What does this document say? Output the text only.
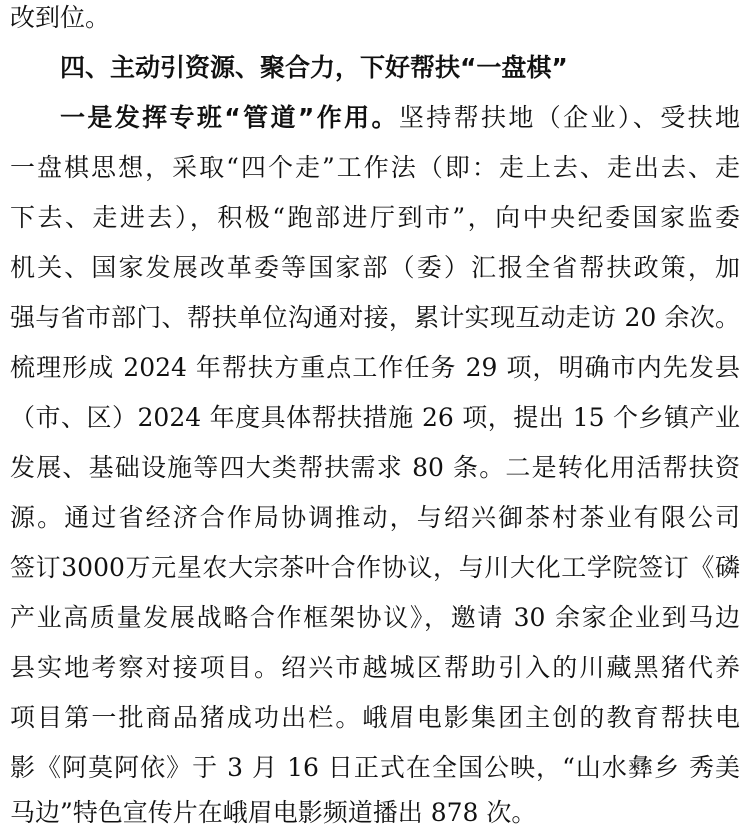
改到位。
四、主动引资源、聚合力，下好帮扶“一盘棋”
一是发挥专班“管道”作用。坚持帮扶地（企业）、受扶地
一盘棋思想，采取“四个走”工作法（即：走上去、走出去、走
下去、走进去），积极“跑部进厅到市”，向中央纪委国家监委
机关、国家发展改革委等国家部（委）汇报全省帮扶政策，加
强与省市部门、帮扶单位沟通对接，累计实现互动走访 20 余次。
梳理形成 2024 年帮扶方重点工作任务 29 项，明确市内先发县
（市、区）2024 年度具体帮扶措施 26 项，提出 15 个乡镇产业
发展、基础设施等四大类帮扶需求 80 条。二是转化用活帮扶资
源。通过省经济合作局协调推动，与绍兴御茶村茶业有限公司
签订3000万元星农大宗茶叶合作协议，与川大化工学院签订《磷
产业高质量发展战略合作框架协议》，邀请 30 余家企业到马边
县实地考察对接项目。绍兴市越城区帮助引入的川藏黑猪代养
项目第一批商品猪成功出栏。峨眉电影集团主创的教育帮扶电
影《阿莫阿依》于 3 月 16 日正式在全国公映，“山水彝乡 秀美
马边”特色宣传片在峨眉电影频道播出 878 次。
